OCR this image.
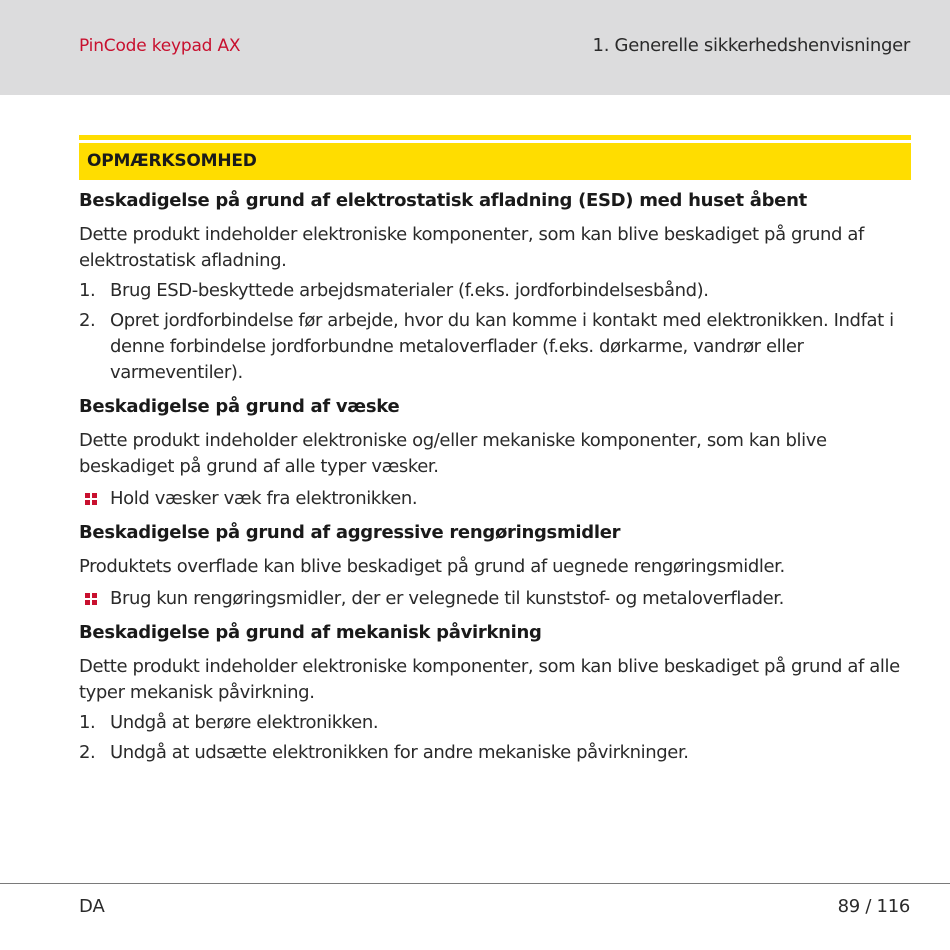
PinCode keypad AX	1. Generelle sikkerhedshenvisninger
OPMÆRKSOMHED

Beskadigelse på grund af elektrostatisk afladning (ESD) med huset åbent

Dette produkt indeholder elektroniske komponenter, som kan blive beskadiget på grund af elektrostatisk afladning.

1. Brug ESD-beskyttede arbejdsmaterialer (f.eks. jordforbindelsesbånd).
2. Opret jordforbindelse før arbejde, hvor du kan komme i kontakt med elektronikken. Indfat i denne forbindelse jordforbundne metaloverflader (f.eks. dørkarme, vandrør eller varmeventiler).

Beskadigelse på grund af væske

Dette produkt indeholder elektroniske og/eller mekaniske komponenter, som kan blive beskadiget på grund af alle typer væsker.

Hold væsker væk fra elektronikken.

Beskadigelse på grund af aggressive rengøringsmidler

Produktets overflade kan blive beskadiget på grund af uegnede rengøringsmidler.

Brug kun rengøringsmidler, der er velegnede til kunststof- og metaloverflader.

Beskadigelse på grund af mekanisk påvirkning

Dette produkt indeholder elektroniske komponenter, som kan blive beskadiget på grund af alle typer mekanisk påvirkning.

1. Undgå at berøre elektronikken.
2. Undgå at udsætte elektronikken for andre mekaniske påvirkninger.
DA	89 / 116
